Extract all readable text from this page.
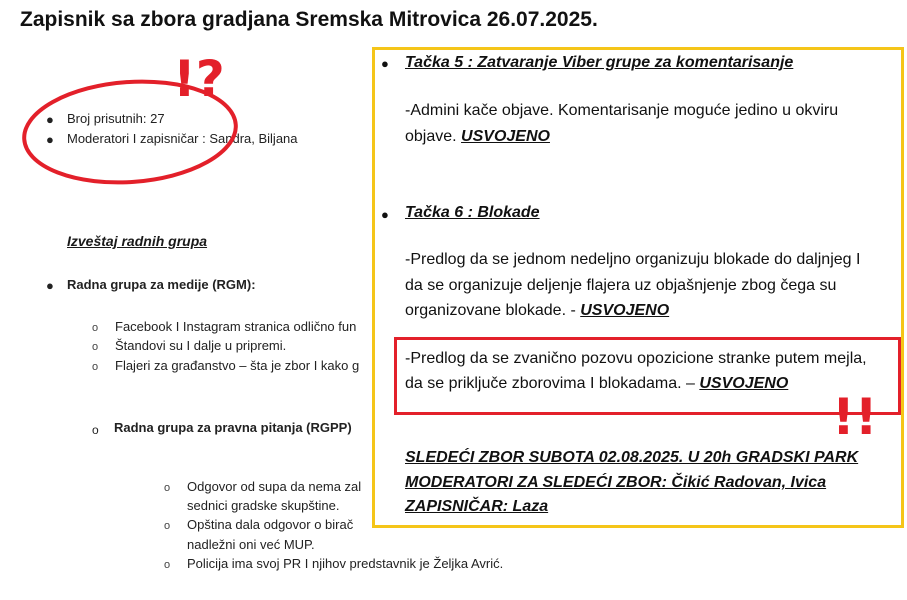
Zapisnik sa zbora gradjana Sremska Mitrovica 26.07.2025.
● Broj prisutnih: 27
● Moderatori I zapisničar : Sandra, Biljana
Izveštaj radnih grupa
● Radna grupa za medije (RGM):
o Facebook I Instagram stranica odlično fun
o Štandovi su I dalje u pripremi.
o Flajeri za građanstvo – šta je zbor I kako g
o Radna grupa za pravna pitanja (RGPP)
o Odgovor od supa da nema zal
sednici gradske skupštine.
o Opština dala odgovor o birač
nadležni oni već MUP.
o Policija ima svoj PR I njihov predstavnik je Željka Avrić.
!?	● Tačka 5 : Zatvaranje Viber grupe za komentarisanje
-Admini kače objave. Komentarisanje moguće jedino u okviru
objave. USVOJENO
● Tačka 6 : Blokade
-Predlog da se jednom nedeljno organizuju blokade do daljnjeg I
da se organizuje deljenje flajera uz objašnjenje zbog čega su
organizovane blokade. - USVOJENO
-Predlog da se zvanično pozovu opozicione stranke putem mejla,
da se priključe zborovima I blokadama. – USVOJENO
SLEDEĆI ZBOR SUBOTA 02.08.2025. U 20h GRADSKI PARK
MODERATORI ZA SLEDEĆI ZBOR: Čikić Radovan, Ivica
ZAPISNIČAR: Laza
!!
